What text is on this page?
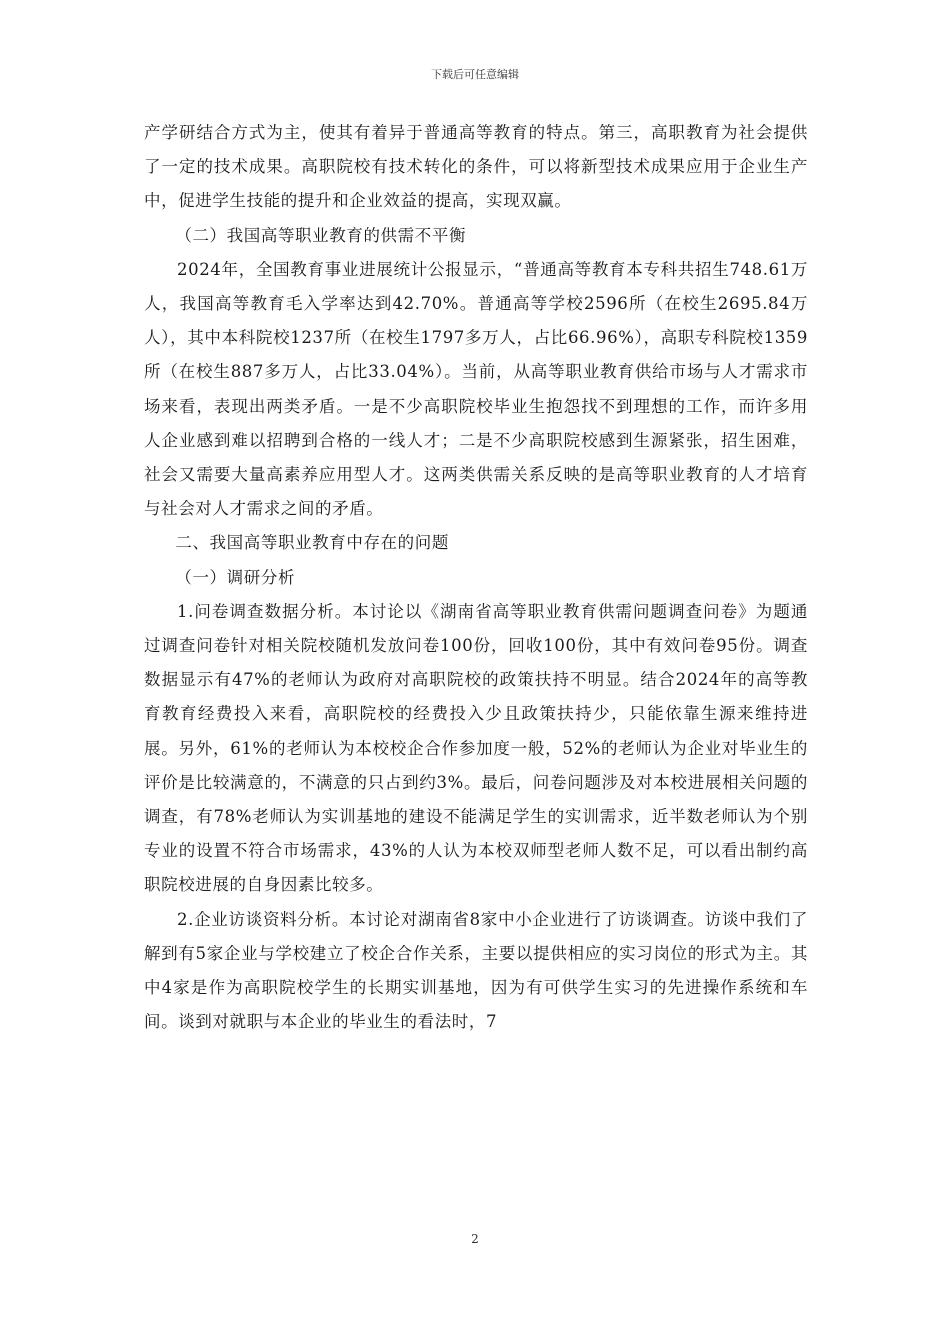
下载后可任意编辑

产学研结合方式为主，使其有着异于普通高等教育的特点。第三，高职教育为社会提供了一定的技术成果。高职院校有技术转化的条件，可以将新型技术成果应用于企业生产中，促进学生技能的提升和企业效益的提高，实现双赢。

（二）我国高等职业教育的供需不平衡

2024年，全国教育事业进展统计公报显示，“普通高等教育本专科共招生748.61万人，我国高等教育毛入学率达到42.70%。普通高等学校2596所（在校生2695.84万人），其中本科院校1237所（在校生1797多万人，占比66.96%），高职专科院校1359所（在校生887多万人，占比33.04%）。当前，从高等职业教育供给市场与人才需求市场来看，表现出两类矛盾。一是不少高职院校毕业生抱怨找不到理想的工作，而许多用人企业感到难以招聘到合格的一线人才；二是不少高职院校感到生源紧张，招生困难，社会又需要大量高素养应用型人才。这两类供需关系反映的是高等职业教育的人才培育与社会对人才需求之间的矛盾。

二、我国高等职业教育中存在的问题

（一）调研分析

1.问卷调查数据分析。本讨论以《湖南省高等职业教育供需问题调查问卷》为题通过调查问卷针对相关院校随机发放问卷100份，回收100份，其中有效问卷95份。调查数据显示有47%的老师认为政府对高职院校的政策扶持不明显。结合2024年的高等教育教育经费投入来看，高职院校的经费投入少且政策扶持少，只能依靠生源来维持进展。另外，61%的老师认为本校校企合作参加度一般，52%的老师认为企业对毕业生的评价是比较满意的，不满意的只占到约3%。最后，问卷问题涉及对本校进展相关问题的调查，有78%老师认为实训基地的建设不能满足学生的实训需求，近半数老师认为个别专业的设置不符合市场需求，43%的人认为本校双师型老师人数不足，可以看出制约高职院校进展的自身因素比较多。

2.企业访谈资料分析。本讨论对湖南省8家中小企业进行了访谈调查。访谈中我们了解到有5家企业与学校建立了校企合作关系，主要以提供相应的实习岗位的形式为主。其中4家是作为高职院校学生的长期实训基地，因为有可供学生实习的先进操作系统和车间。谈到对就职与本企业的毕业生的看法时，7

2
